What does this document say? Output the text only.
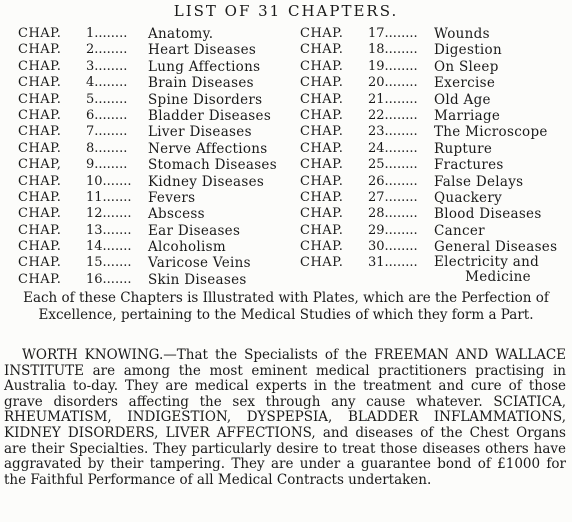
LIST OF 31 CHAPTERS.
CHAP.	1........	Anatomy.
CHAP.	2........	Heart Diseases
CHAP.	3........	Lung Affections
CHAP.	4........	Brain Diseases
CHAP.	5........	Spine Disorders
CHAP.	6........	Bladder Diseases
CHAP.	7........	Liver Diseases
CHAP.	8........	Nerve Affections
CHAP,	9........	Stomach Diseases
CHAP.	10.......	Kidney Diseases
CHAP.	11.......	Fevers
CHAP.	12.......	Abscess
CHAP.	13.......	Ear Diseases
CHAP.	14.......	Alcoholism
CHAP.	15.......	Varicose Veins
CHAP.	16.......	Skin Diseases
CHAP.	17........	Wounds
CHAP.	18........	Digestion
CHAP.	19........	On Sleep
CHAP.	20........	Exercise
CHAP.	21........	Old Age
CHAP.	22........	Marriage
CHAP.	23........	The Microscope
CHAP.	24........	Rupture
CHAP.	25........	Fractures
CHAP.	26........	False Delays
CHAP.	27........	Quackery
CHAP.	28........	Blood Diseases
CHAP.	29........	Cancer
CHAP.	30........	General Diseases
CHAP.	31........	Electricity and
Medicine
Each of these Chapters is Illustrated with Plates, which are the Perfection of Excellence, pertaining to the Medical Studies of which they form a Part.
WORTH KNOWING.—That the Specialists of the FREEMAN AND WALLACE INSTITUTE are among the most eminent medical practitioners practising in Australia to-day. They are medical experts in the treatment and cure of those grave disorders affecting the sex through any cause whatever. SCIATICA, RHEUMATISM, INDIGESTION, DYSPEPSIA, BLADDER INFLAMMATIONS, KIDNEY DISORDERS, LIVER AFFECTIONS, and diseases of the Chest Organs are their Specialties. They particularly desire to treat those diseases others have aggravated by their tampering. They are under a guarantee bond of £1000 for the Faithful Performance of all Medical Contracts undertaken.
